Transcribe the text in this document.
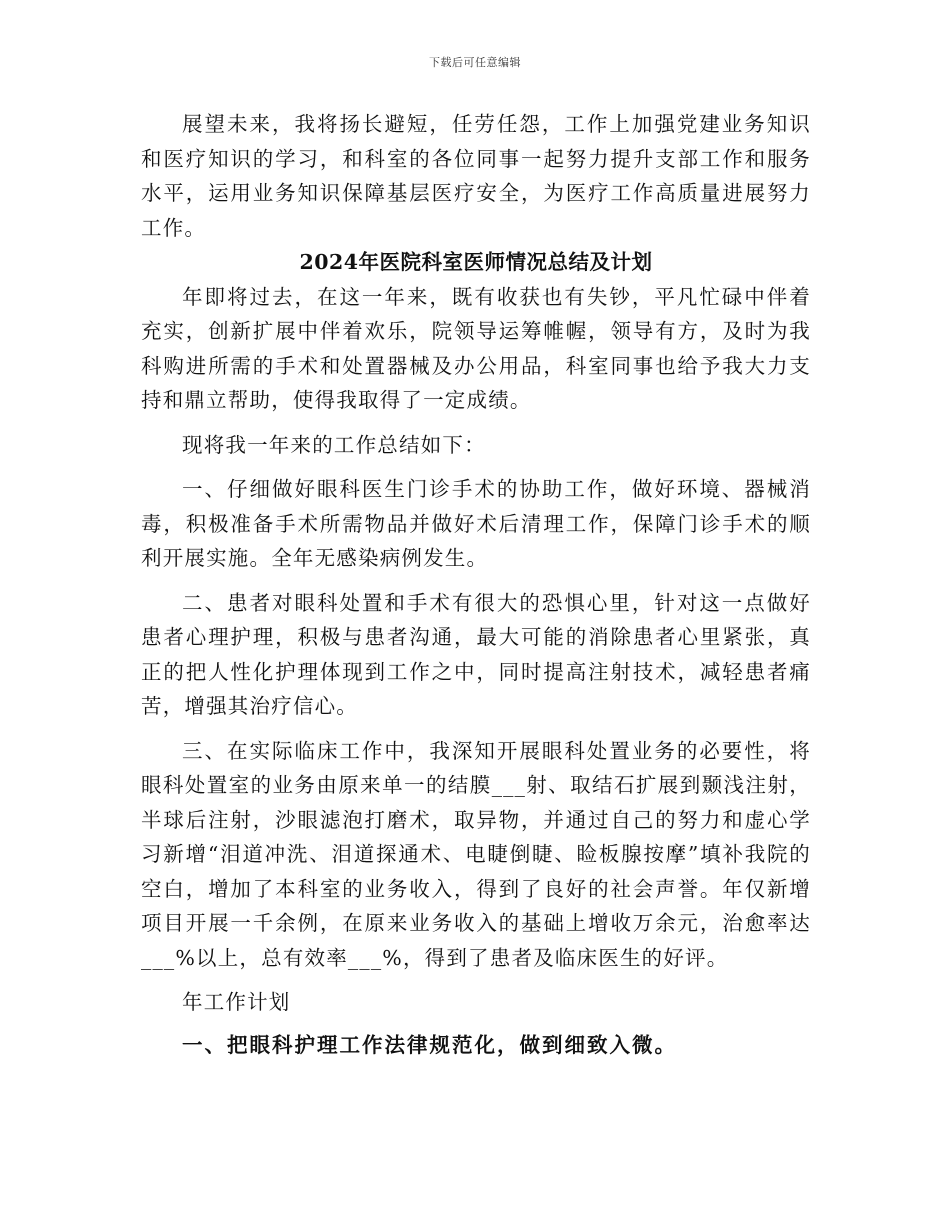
下载后可任意编辑

展望未来，我将扬长避短，任劳任怨，工作上加强党建业务知识和医疗知识的学习，和科室的各位同事一起努力提升支部工作和服务水平，运用业务知识保障基层医疗安全，为医疗工作高质量进展努力工作。

2024年医院科室医师情况总结及计划

年即将过去，在这一年来，既有收获也有失钞，平凡忙碌中伴着充实，创新扩展中伴着欢乐，院领导运筹帷幄，领导有方，及时为我科购进所需的手术和处置器械及办公用品，科室同事也给予我大力支持和鼎立帮助，使得我取得了一定成绩。

现将我一年来的工作总结如下：

一、仔细做好眼科医生门诊手术的协助工作，做好环境、器械消毒，积极准备手术所需物品并做好术后清理工作，保障门诊手术的顺利开展实施。全年无感染病例发生。

二、患者对眼科处置和手术有很大的恐惧心里，针对这一点做好患者心理护理，积极与患者沟通，最大可能的消除患者心里紧张，真正的把人性化护理体现到工作之中，同时提高注射技术，减轻患者痛苦，增强其治疗信心。

三、在实际临床工作中，我深知开展眼科处置业务的必要性，将眼科处置室的业务由原来单一的结膜___射、取结石扩展到颞浅注射，半球后注射，沙眼滤泡打磨术，取异物，并通过自己的努力和虚心学习新增“泪道冲洗、泪道探通术、电睫倒睫、睑板腺按摩”填补我院的空白，增加了本科室的业务收入，得到了良好的社会声誉。年仅新增项目开展一千余例，在原来业务收入的基础上增收万余元，治愈率达___%以上，总有效率___%，得到了患者及临床医生的好评。

年工作计划

一、把眼科护理工作法律规范化，做到细致入微。
